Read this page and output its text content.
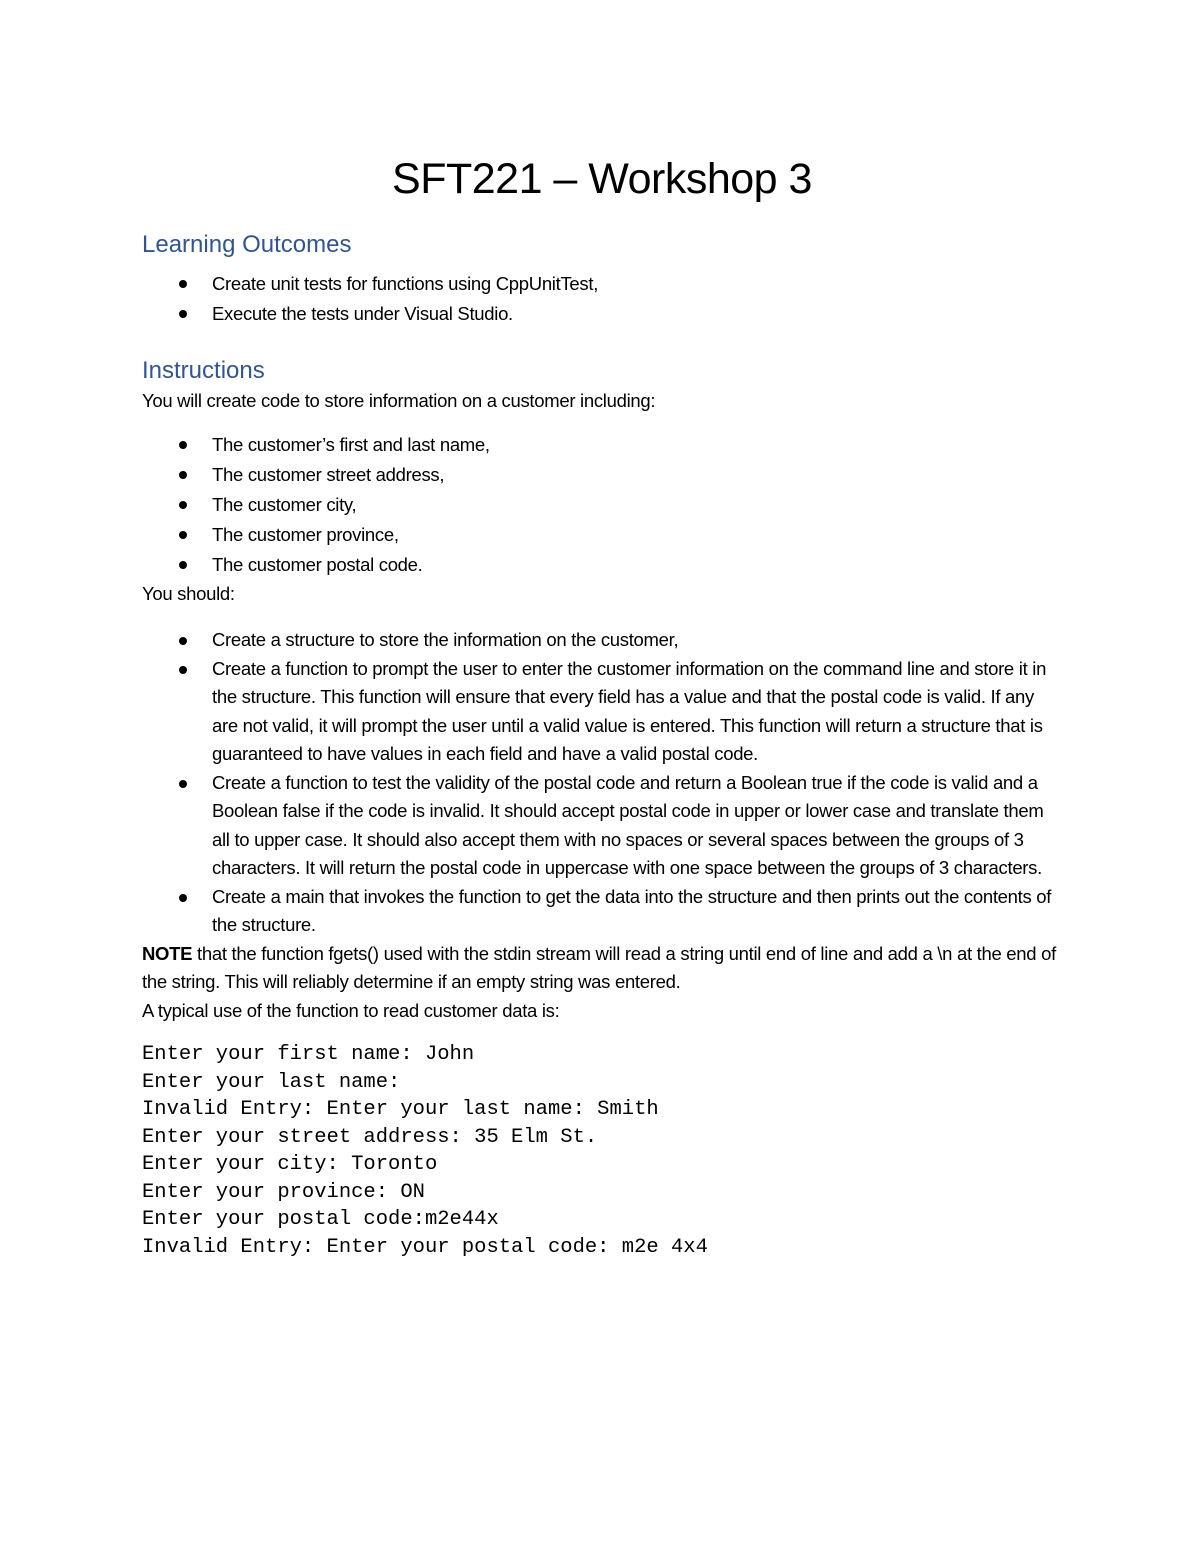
SFT221 – Workshop 3
Learning Outcomes
Create unit tests for functions using CppUnitTest,
Execute the tests under Visual Studio.
Instructions

You will create code to store information on a customer including:

The customer’s first and last name,
The customer street address,
The customer city,
The customer province,
The customer postal code.

You should:

Create a structure to store the information on the customer,
Create a function to prompt the user to enter the customer information on the command line and store it in the structure. This function will ensure that every field has a value and that the postal code is valid. If any are not valid, it will prompt the user until a valid value is entered. This function will return a structure that is guaranteed to have values in each field and have a valid postal code.
Create a function to test the validity of the postal code and return a Boolean true if the code is valid and a Boolean false if the code is invalid. It should accept postal code in upper or lower case and translate them all to upper case. It should also accept them with no spaces or several spaces between the groups of 3 characters. It will return the postal code in uppercase with one space between the groups of 3 characters.
Create a main that invokes the function to get the data into the structure and then prints out the contents of the structure.

NOTE that the function fgets() used with the stdin stream will read a string until end of line and add a \n at the end of the string. This will reliably determine if an empty string was entered.

A typical use of the function to read customer data is:

Enter your first name: John
Enter your last name:
Invalid Entry: Enter your last name: Smith
Enter your street address: 35 Elm St.
Enter your city: Toronto
Enter your province: ON
Enter your postal code:m2e44x
Invalid Entry: Enter your postal code: m2e 4x4
